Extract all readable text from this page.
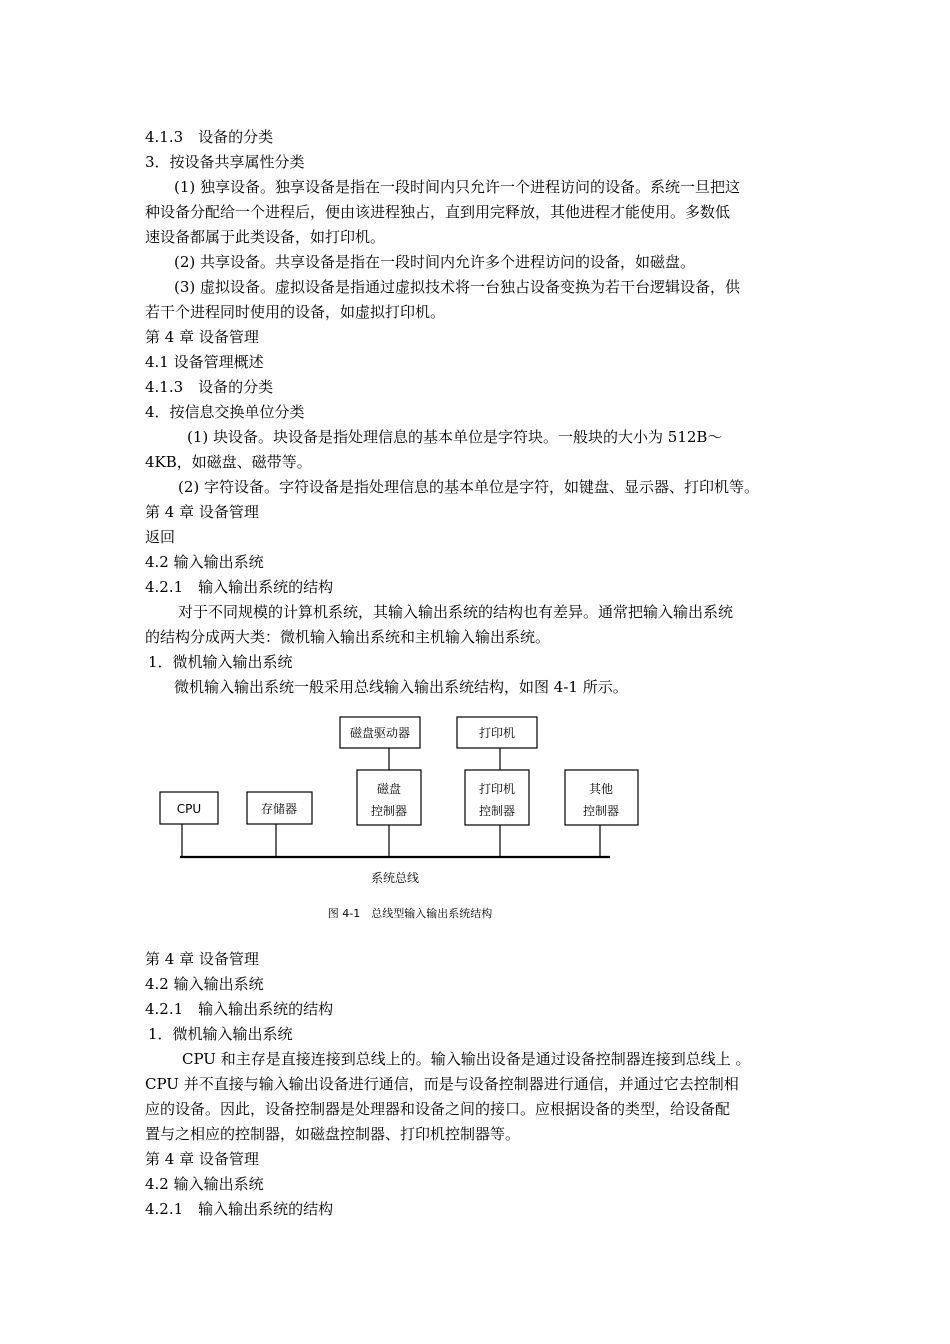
4.1.3　设备的分类
3．按设备共享属性分类
(1) 独享设备。独享设备是指在一段时间内只允许一个进程访问的设备。系统一旦把这
种设备分配给一个进程后，便由该进程独占，直到用完释放，其他进程才能使用。多数低
速设备都属于此类设备，如打印机。
(2) 共享设备。共享设备是指在一段时间内允许多个进程访问的设备，如磁盘。
(3) 虚拟设备。虚拟设备是指通过虚拟技术将一台独占设备变换为若干台逻辑设备，供
若干个进程同时使用的设备，如虚拟打印机。
第 4 章 设备管理
4.1 设备管理概述
4.1.3　设备的分类
4．按信息交换单位分类
(1) 块设备。块设备是指处理信息的基本单位是字符块。一般块的大小为 512B～
4KB，如磁盘、磁带等。
(2) 字符设备。字符设备是指处理信息的基本单位是字符，如键盘、显示器、打印机等。
第 4 章 设备管理
返回
4.2 输入输出系统
4.2.1　输入输出系统的结构
对于不同规模的计算机系统，其输入输出系统的结构也有差异。通常把输入输出系统
的结构分成两大类：微机输入输出系统和主机输入输出系统。
1．微机输入输出系统
微机输入输出系统一般采用总线输入输出系统结构，如图 4-1 所示。
磁盘驱动器	打印机
CPU	存储器
磁盘
控制器
打印机
控制器
其他
控制器
系统总线
图 4-1　总线型输入输出系统结构
第 4 章 设备管理
4.2 输入输出系统
4.2.1　输入输出系统的结构
1．微机输入输出系统
CPU 和主存是直接连接到总线上的。输入输出设备是通过设备控制器连接到总线上 。
CPU 并不直接与输入输出设备进行通信，而是与设备控制器进行通信，并通过它去控制相
应的设备。因此，设备控制器是处理器和设备之间的接口。应根据设备的类型，给设备配
置与之相应的控制器，如磁盘控制器、打印机控制器等。
第 4 章 设备管理
4.2 输入输出系统
4.2.1　输入输出系统的结构
